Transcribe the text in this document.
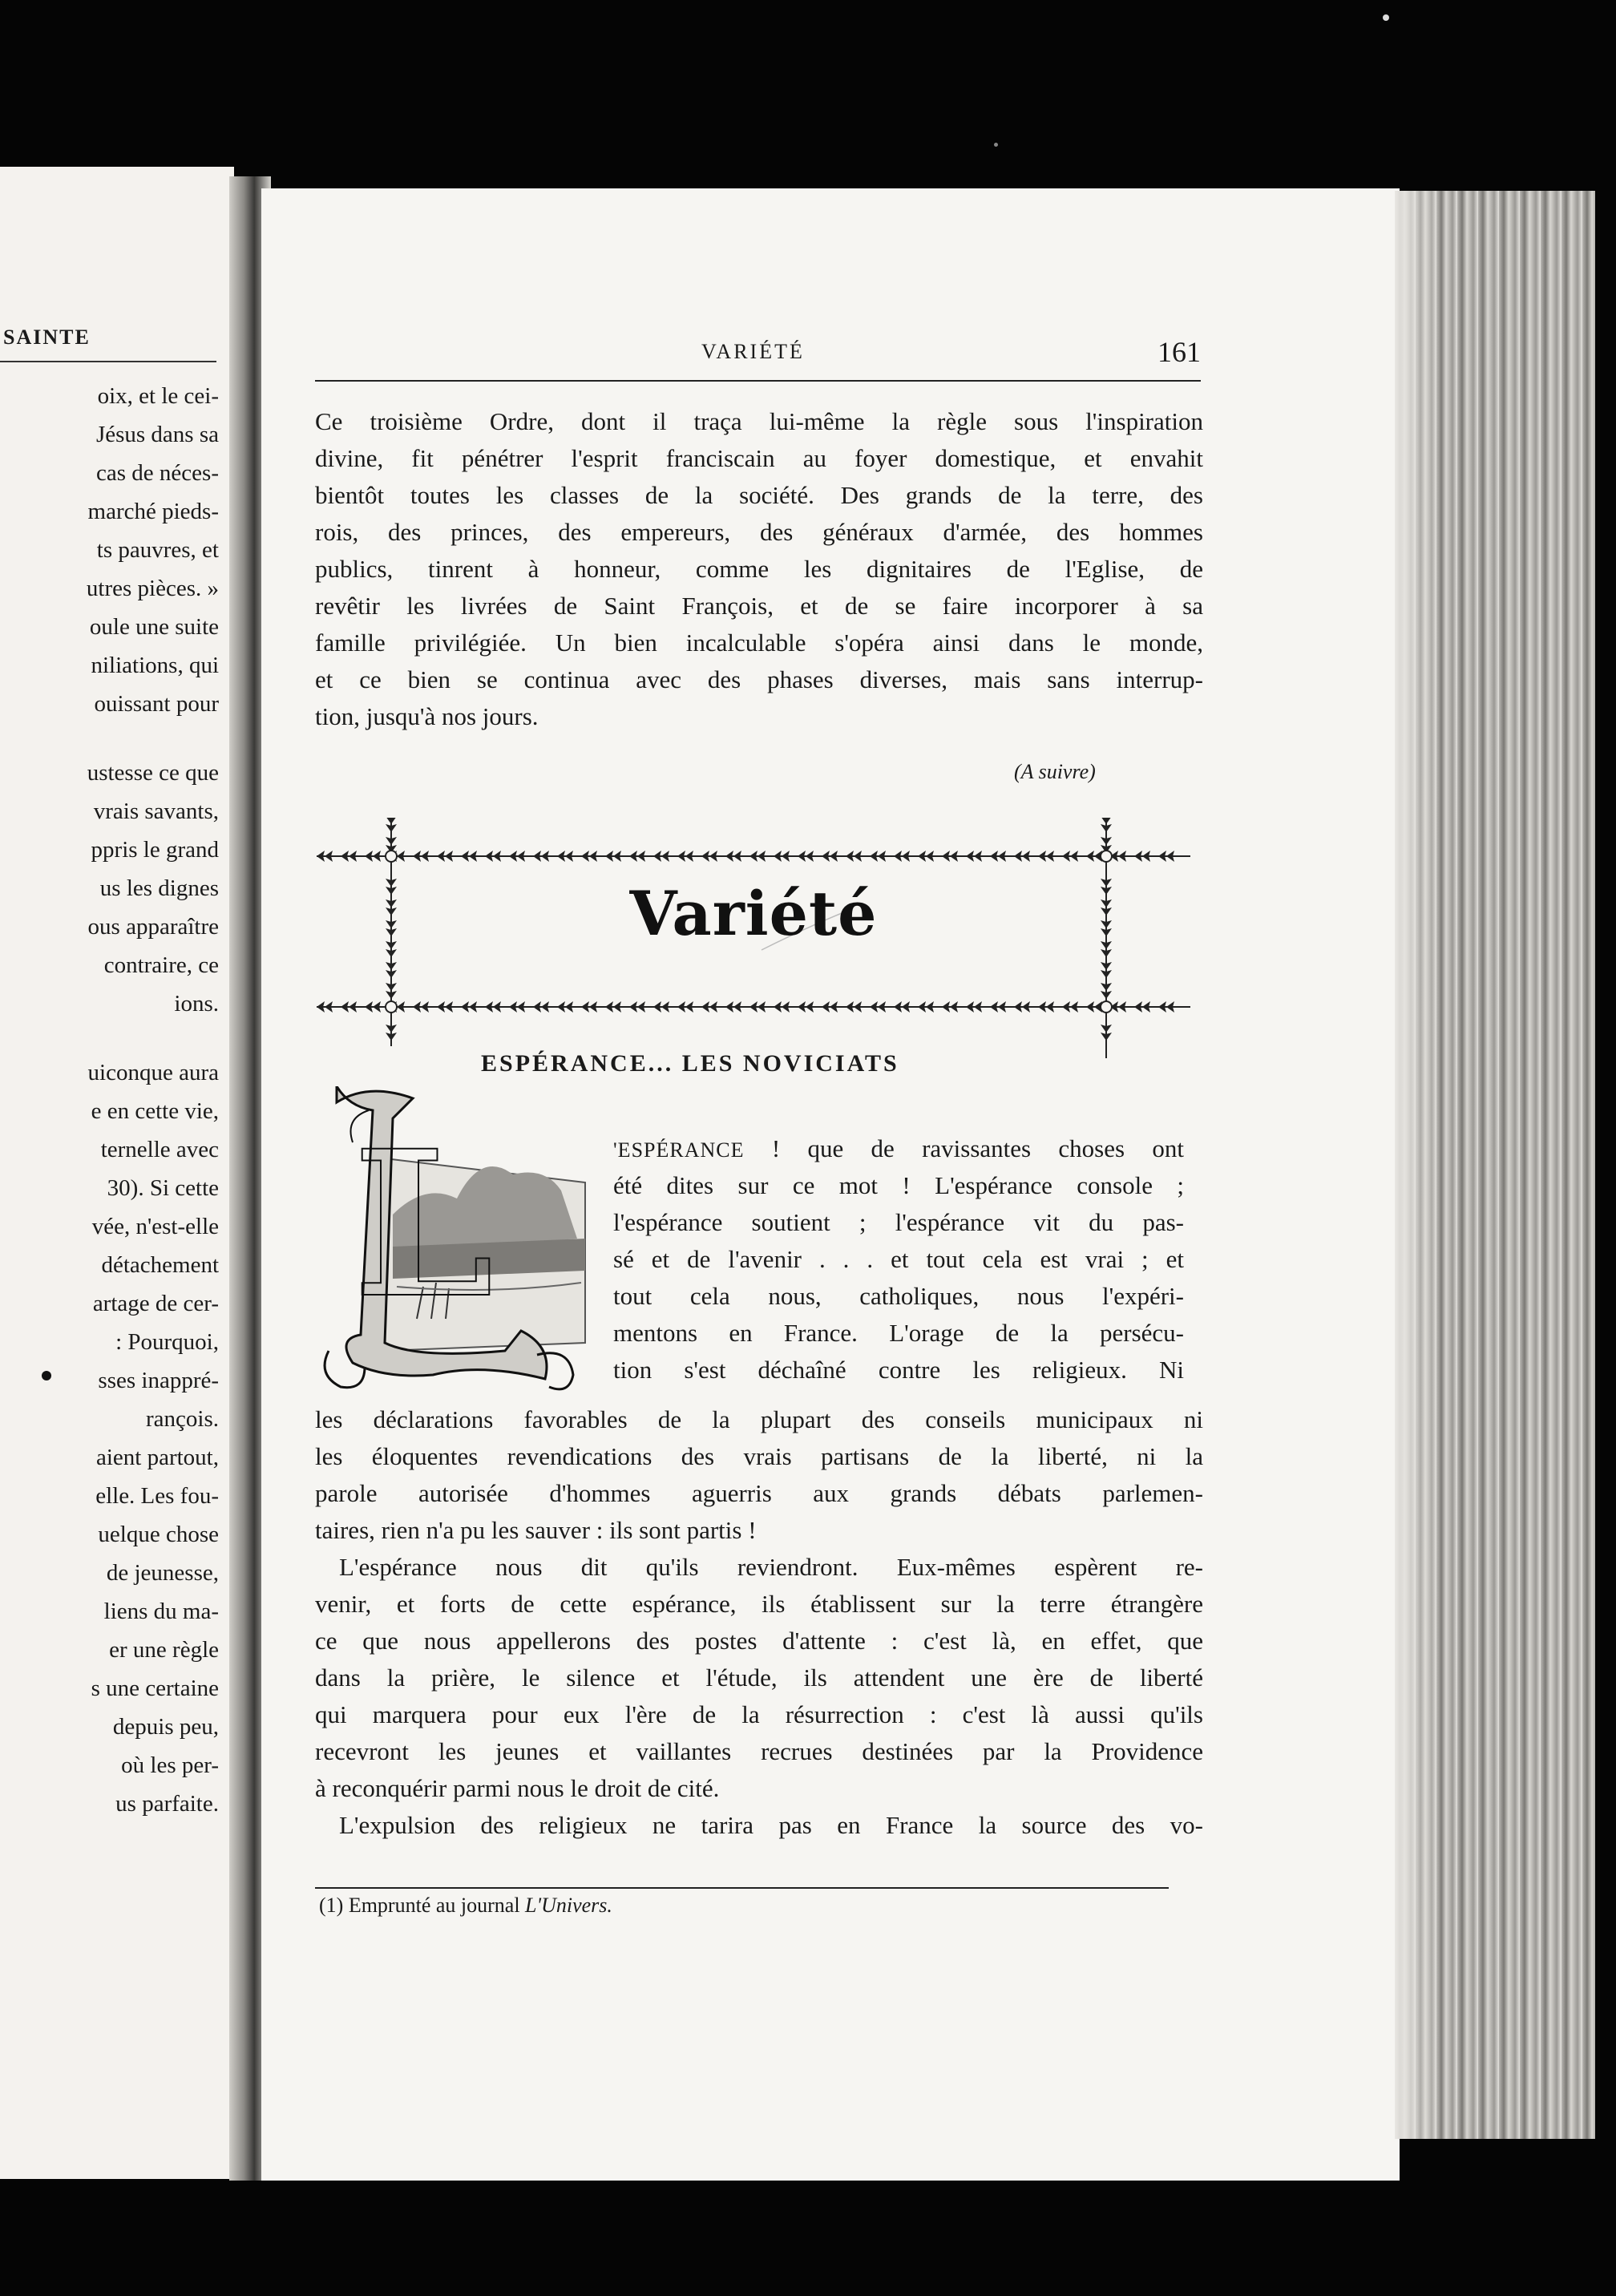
SAINTE
oix, et le cei-
Jésus dans sa
cas de néces-
marché pieds-
ts pauvres, et
utres pièces. »
oule une suite
niliations, qui
ouissant pour
ustesse ce que
vrais savants,
ppris le grand
us les dignes
ous apparaître
contraire, ce
ions.
uiconque aura
e en cette vie,
ternelle avec
30). Si cette
vée, n'est-elle
détachement
artage de cer-
: Pourquoi,
sses inappré-
rançois.
aient partout,
elle. Les fou-
uelque chose
de jeunesse,
liens du ma-
er une règle
s une certaine
depuis peu,
où les per-
us parfaite.
VARIÉTÉ	161
Ce troisième Ordre, dont il traça lui-même la règle sous l'inspiration
divine, fit pénétrer l'esprit franciscain au foyer domestique, et envahit
bientôt toutes les classes de la société. Des grands de la terre, des
rois, des princes, des empereurs, des généraux d'armée, des hommes
publics, tinrent à honneur, comme les dignitaires de l'Eglise, de
revêtir les livrées de Saint François, et de se faire incorporer à sa
famille privilégiée. Un bien incalculable s'opéra ainsi dans le monde,
et ce bien se continua avec des phases diverses, mais sans interrup-
tion, jusqu'à nos jours.
(A suivre)
Variété
ESPÉRANCE... LES NOVICIATS
L	'ESPÉRANCE ! que de ravissantes choses ont
été dites sur ce mot ! L'espérance console ;
l'espérance soutient ; l'espérance vit du pas-
sé et de l'avenir . . . et tout cela est vrai ; et
tout cela nous, catholiques, nous l'expéri-
mentons en France. L'orage de la persécu-
tion s'est déchaîné contre les religieux. Ni
les déclarations favorables de la plupart des conseils municipaux ni
les éloquentes revendications des vrais partisans de la liberté, ni la
parole autorisée d'hommes aguerris aux grands débats parlemen-
taires, rien n'a pu les sauver : ils sont partis !
L'espérance nous dit qu'ils reviendront. Eux-mêmes espèrent re-
venir, et forts de cette espérance, ils établissent sur la terre étrangère
ce que nous appellerons des postes d'attente : c'est là, en effet, que
dans la prière, le silence et l'étude, ils attendent une ère de liberté
qui marquera pour eux l'ère de la résurrection : c'est là aussi qu'ils
recevront les jeunes et vaillantes recrues destinées par la Providence
à reconquérir parmi nous le droit de cité.
L'expulsion des religieux ne tarira pas en France la source des vo-
(1) Emprunté au journal L'Univers.
